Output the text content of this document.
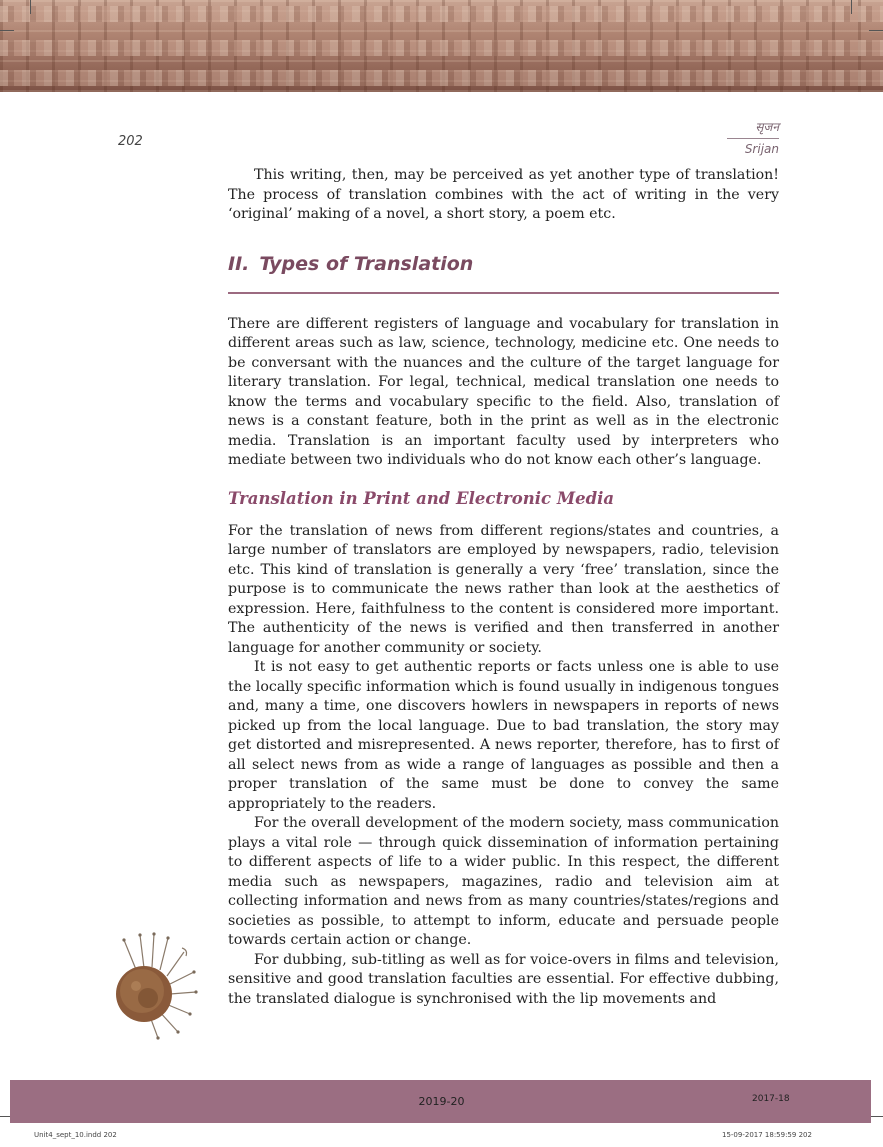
202
सृजन
Srijan

This writing, then, may be perceived as yet another type of translation! The process of translation combines with the act of writing in the very ‘original’ making of a novel, a short story, a poem etc.

II. Types of Translation

There are different registers of language and vocabulary for translation in different areas such as law, science, technology, medicine etc. One needs to be conversant with the nuances and the culture of the target language for literary translation. For legal, technical, medical translation one needs to know the terms and vocabulary specific to the field. Also, translation of news is a constant feature, both in the print as well as in the electronic media. Translation is an important faculty used by interpreters who mediate between two individuals who do not know each other’s language.

Translation in Print and Electronic Media

For the translation of news from different regions/states and countries, a large number of translators are employed by newspapers, radio, television etc. This kind of translation is generally a very ‘free’ translation, since the purpose is to communicate the news rather than look at the aesthetics of expression. Here, faithfulness to the content is considered more important. The authenticity of the news is verified and then transferred in another language for another community or society.

It is not easy to get authentic reports or facts unless one is able to use the locally specific information which is found usually in indigenous tongues and, many a time, one discovers howlers in newspapers in reports of news picked up from the local language. Due to bad translation, the story may get distorted and misrepresented. A news reporter, therefore, has to first of all select news from as wide a range of languages as possible and then a proper translation of the same must be done to convey the same appropriately to the readers.

For the overall development of the modern society, mass communication plays a vital role — through quick dissemination of information pertaining to different aspects of life to a wider public. In this respect, the different media such as newspapers, magazines, radio and television aim at collecting information and news from as many countries/states/regions and societies as possible, to attempt to inform, educate and persuade people towards certain action or change.

For dubbing, sub-titling as well as for voice-overs in films and television, sensitive and good translation faculties are essential. For effective dubbing, the translated dialogue is synchronised with the lip movements and

2019-20	2017-18
Unit4_sept_10.indd 202	15-09-2017 18:59:59 202
